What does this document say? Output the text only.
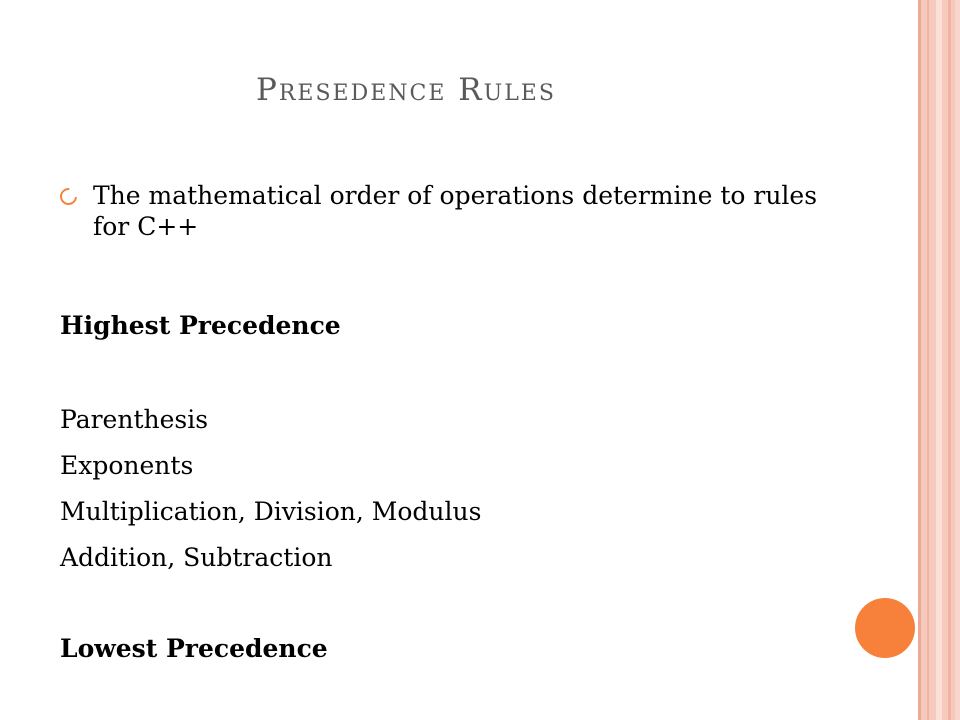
Presedence Rules

The mathematical order of operations determine to rules for C++

Highest Precedence

Parenthesis

Exponents

Multiplication, Division, Modulus

Addition, Subtraction

Lowest Precedence
